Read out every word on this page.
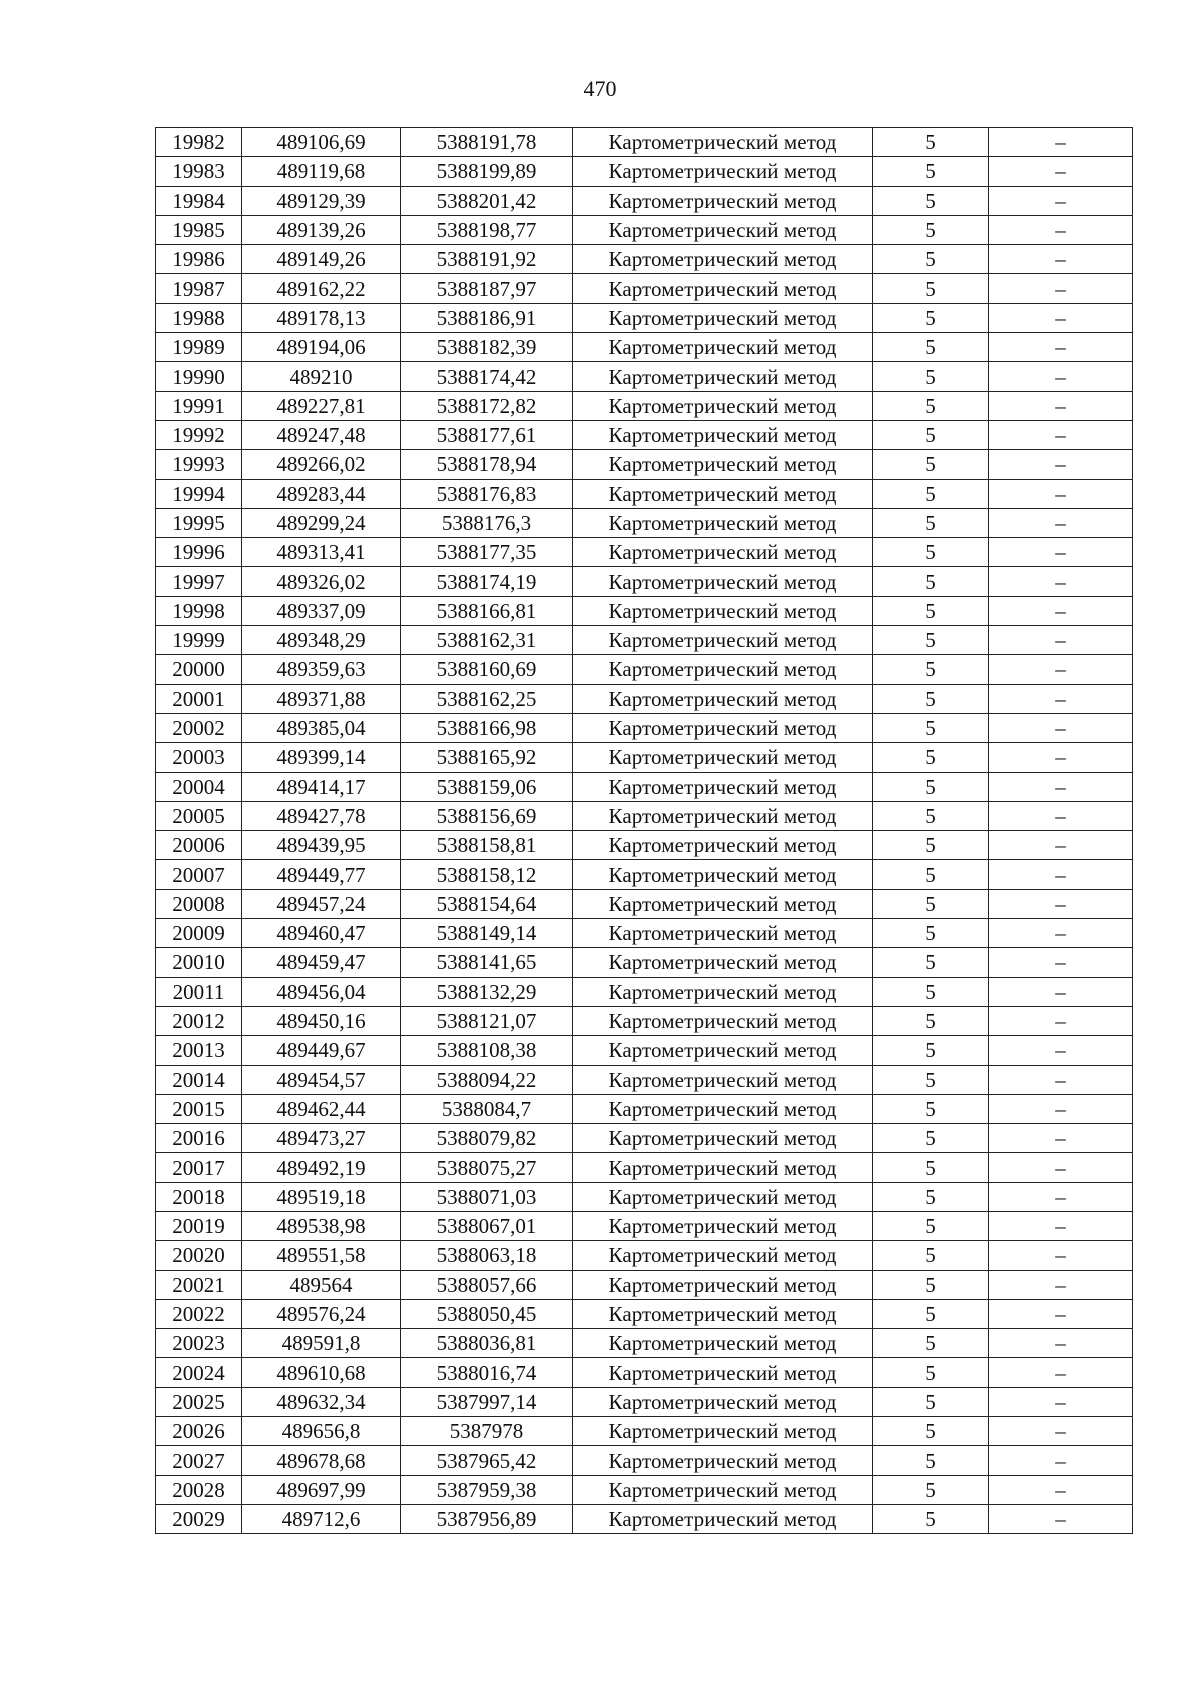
470
19982	489106,69	5388191,78	Картометрический метод	5	–
19983	489119,68	5388199,89	Картометрический метод	5	–
19984	489129,39	5388201,42	Картометрический метод	5	–
19985	489139,26	5388198,77	Картометрический метод	5	–
19986	489149,26	5388191,92	Картометрический метод	5	–
19987	489162,22	5388187,97	Картометрический метод	5	–
19988	489178,13	5388186,91	Картометрический метод	5	–
19989	489194,06	5388182,39	Картометрический метод	5	–
19990	489210	5388174,42	Картометрический метод	5	–
19991	489227,81	5388172,82	Картометрический метод	5	–
19992	489247,48	5388177,61	Картометрический метод	5	–
19993	489266,02	5388178,94	Картометрический метод	5	–
19994	489283,44	5388176,83	Картометрический метод	5	–
19995	489299,24	5388176,3	Картометрический метод	5	–
19996	489313,41	5388177,35	Картометрический метод	5	–
19997	489326,02	5388174,19	Картометрический метод	5	–
19998	489337,09	5388166,81	Картометрический метод	5	–
19999	489348,29	5388162,31	Картометрический метод	5	–
20000	489359,63	5388160,69	Картометрический метод	5	–
20001	489371,88	5388162,25	Картометрический метод	5	–
20002	489385,04	5388166,98	Картометрический метод	5	–
20003	489399,14	5388165,92	Картометрический метод	5	–
20004	489414,17	5388159,06	Картометрический метод	5	–
20005	489427,78	5388156,69	Картометрический метод	5	–
20006	489439,95	5388158,81	Картометрический метод	5	–
20007	489449,77	5388158,12	Картометрический метод	5	–
20008	489457,24	5388154,64	Картометрический метод	5	–
20009	489460,47	5388149,14	Картометрический метод	5	–
20010	489459,47	5388141,65	Картометрический метод	5	–
20011	489456,04	5388132,29	Картометрический метод	5	–
20012	489450,16	5388121,07	Картометрический метод	5	–
20013	489449,67	5388108,38	Картометрический метод	5	–
20014	489454,57	5388094,22	Картометрический метод	5	–
20015	489462,44	5388084,7	Картометрический метод	5	–
20016	489473,27	5388079,82	Картометрический метод	5	–
20017	489492,19	5388075,27	Картометрический метод	5	–
20018	489519,18	5388071,03	Картометрический метод	5	–
20019	489538,98	5388067,01	Картометрический метод	5	–
20020	489551,58	5388063,18	Картометрический метод	5	–
20021	489564	5388057,66	Картометрический метод	5	–
20022	489576,24	5388050,45	Картометрический метод	5	–
20023	489591,8	5388036,81	Картометрический метод	5	–
20024	489610,68	5388016,74	Картометрический метод	5	–
20025	489632,34	5387997,14	Картометрический метод	5	–
20026	489656,8	5387978	Картометрический метод	5	–
20027	489678,68	5387965,42	Картометрический метод	5	–
20028	489697,99	5387959,38	Картометрический метод	5	–
20029	489712,6	5387956,89	Картометрический метод	5	–
